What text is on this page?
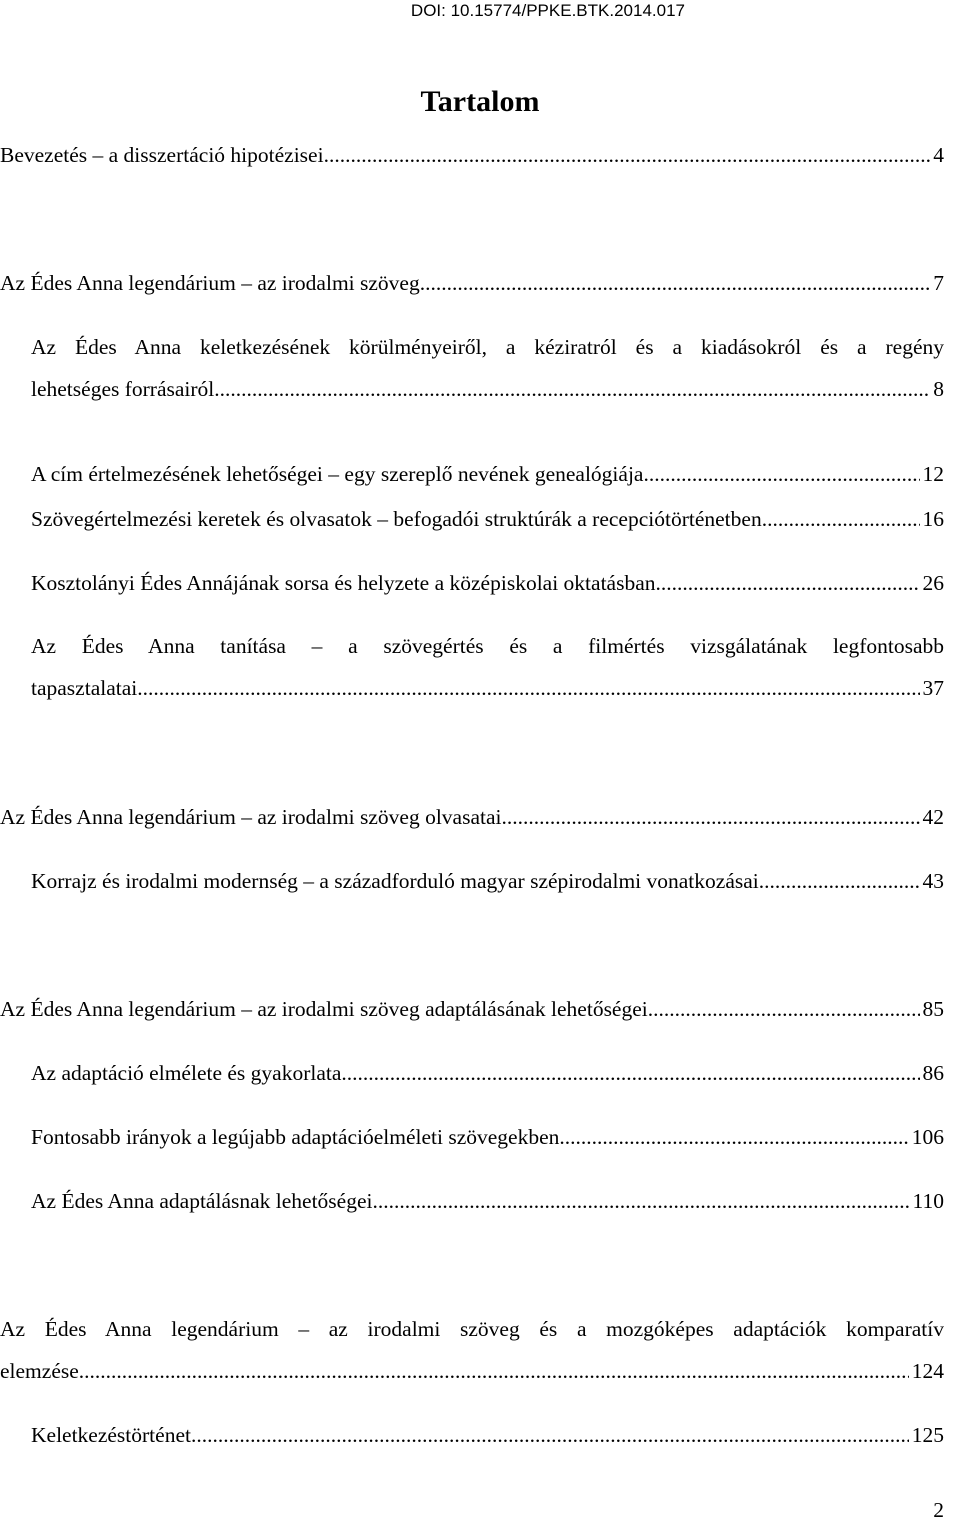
DOI: 10.15774/PPKE.BTK.2014.017
Tartalom
Bevezetés – a disszertáció hipotézisei .....	4
Az Édes Anna legendárium – az irodalmi szöveg .....	7
Az Édes Anna keletkezésének körülményeiről, a kéziratról és a kiadásokról és a regény
lehetséges forrásairól .....	8
A cím értelmezésének lehetőségei – egy szereplő nevének genealógiája .....	12
Szövegértelmezési keretek és olvasatok – befogadói struktúrák a recepciótörténetben .....	16
Kosztolányi Édes Annájának sorsa és helyzete a középiskolai oktatásban .....	26
Az Édes Anna tanítása – a szövegértés és a filmértés vizsgálatának legfontosabb
tapasztalatai .....	37
Az Édes Anna legendárium – az irodalmi szöveg olvasatai .....	42
Korrajz és irodalmi modernség – a századforduló magyar szépirodalmi vonatkozásai .....	43
Az Édes Anna legendárium – az irodalmi szöveg adaptálásának lehetőségei .....	85
Az adaptáció elmélete és gyakorlata .....	86
Fontosabb irányok a legújabb adaptációelméleti szövegekben .....	106
Az Édes Anna adaptálásnak lehetőségei .....	110
Az Édes Anna legendárium – az irodalmi szöveg és a mozgóképes adaptációk komparatív
elemzése .....	124
Keletkezéstörténet .....	125
2
